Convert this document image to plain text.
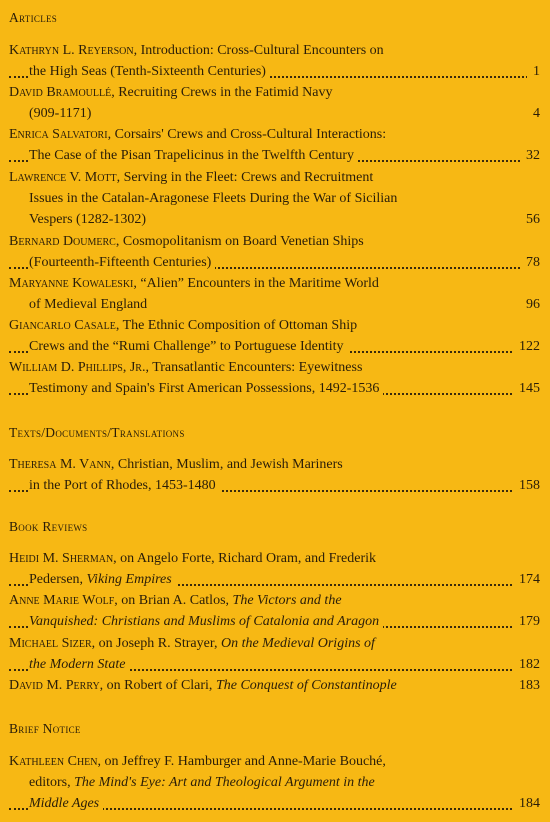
Articles
Kathryn L. Reyerson, Introduction: Cross-Cultural Encounters on
the High Seas (Tenth-Sixteenth Centuries)	1
David Bramoullé, Recruiting Crews in the Fatimid Navy
(909-1171)	4
Enrica Salvatori, Corsairs' Crews and Cross-Cultural Interactions:
The Case of the Pisan Trapelicinus in the Twelfth Century	32
Lawrence V. Mott, Serving in the Fleet: Crews and Recruitment
Issues in the Catalan-Aragonese Fleets During the War of Sicilian
Vespers (1282-1302)	56
Bernard Doumerc, Cosmopolitanism on Board Venetian Ships
(Fourteenth-Fifteenth Centuries)	78
Maryanne Kowaleski, “Alien” Encounters in the Maritime World
of Medieval England	96
Giancarlo Casale, The Ethnic Composition of Ottoman Ship
Crews and the “Rumi Challenge” to Portuguese Identity	122
William D. Phillips, Jr., Transatlantic Encounters: Eyewitness
Testimony and Spain's First American Possessions, 1492-1536	145
Texts/Documents/Translations
Theresa M. Vann, Christian, Muslim, and Jewish Mariners
in the Port of Rhodes, 1453-1480	158
Book Reviews
Heidi M. Sherman, on Angelo Forte, Richard Oram, and Frederik
Pedersen, Viking Empires	174
Anne Marie Wolf, on Brian A. Catlos, The Victors and the
Vanquished: Christians and Muslims of Catalonia and Aragon	179
Michael Sizer, on Joseph R. Strayer, On the Medieval Origins of
the Modern State	182
David M. Perry, on Robert of Clari, The Conquest of Constantinople	183
Brief Notice
Kathleen Chen, on Jeffrey F. Hamburger and Anne-Marie Bouché,
editors, The Mind's Eye: Art and Theological Argument in the
Middle Ages	184
